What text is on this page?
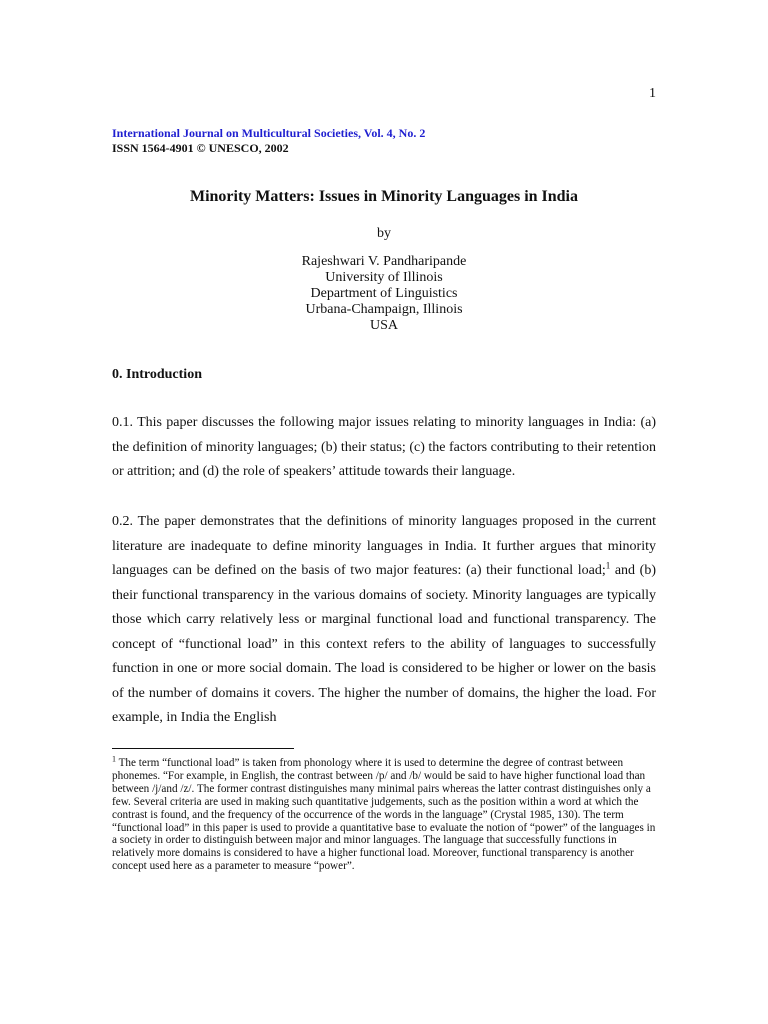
1
International Journal on Multicultural Societies, Vol. 4, No. 2
ISSN 1564-4901 © UNESCO, 2002
Minority Matters: Issues in Minority Languages in India
by
Rajeshwari V. Pandharipande
University of Illinois
Department of Linguistics
Urbana-Champaign, Illinois
USA
0. Introduction

0.1. This paper discusses the following major issues relating to minority languages in India: (a) the definition of minority languages; (b) their status; (c) the factors contributing to their retention or attrition; and (d) the role of speakers’ attitude towards their language.

0.2. The paper demonstrates that the definitions of minority languages proposed in the current literature are inadequate to define minority languages in India. It further argues that minority languages can be defined on the basis of two major features: (a) their functional load;$^1$ and (b) their functional transparency in the various domains of society. Minority languages are typically those which carry relatively less or marginal functional load and functional transparency. The concept of “functional load” in this context refers to the ability of languages to successfully function in one or more social domain. The load is considered to be higher or lower on the basis of the number of domains it covers. The higher the number of domains, the higher the load. For example, in India the English

$^1$ The term “functional load” is taken from phonology where it is used to determine the degree of contrast between phonemes. “For example, in English, the contrast between /p/ and /b/ would be said to have higher functional load than between /j/and /z/. The former contrast distinguishes many minimal pairs whereas the latter contrast distinguishes only a few. Several criteria are used in making such quantitative judgements, such as the position within a word at which the contrast is found, and the frequency of the occurrence of the words in the language” (Crystal 1985, 130). The term “functional load” in this paper is used to provide a quantitative base to evaluate the notion of “power” of the languages in a society in order to distinguish between major and minor languages. The language that successfully functions in relatively more domains is considered to have a higher functional load. Moreover, functional transparency is another concept used here as a parameter to measure “power”.
